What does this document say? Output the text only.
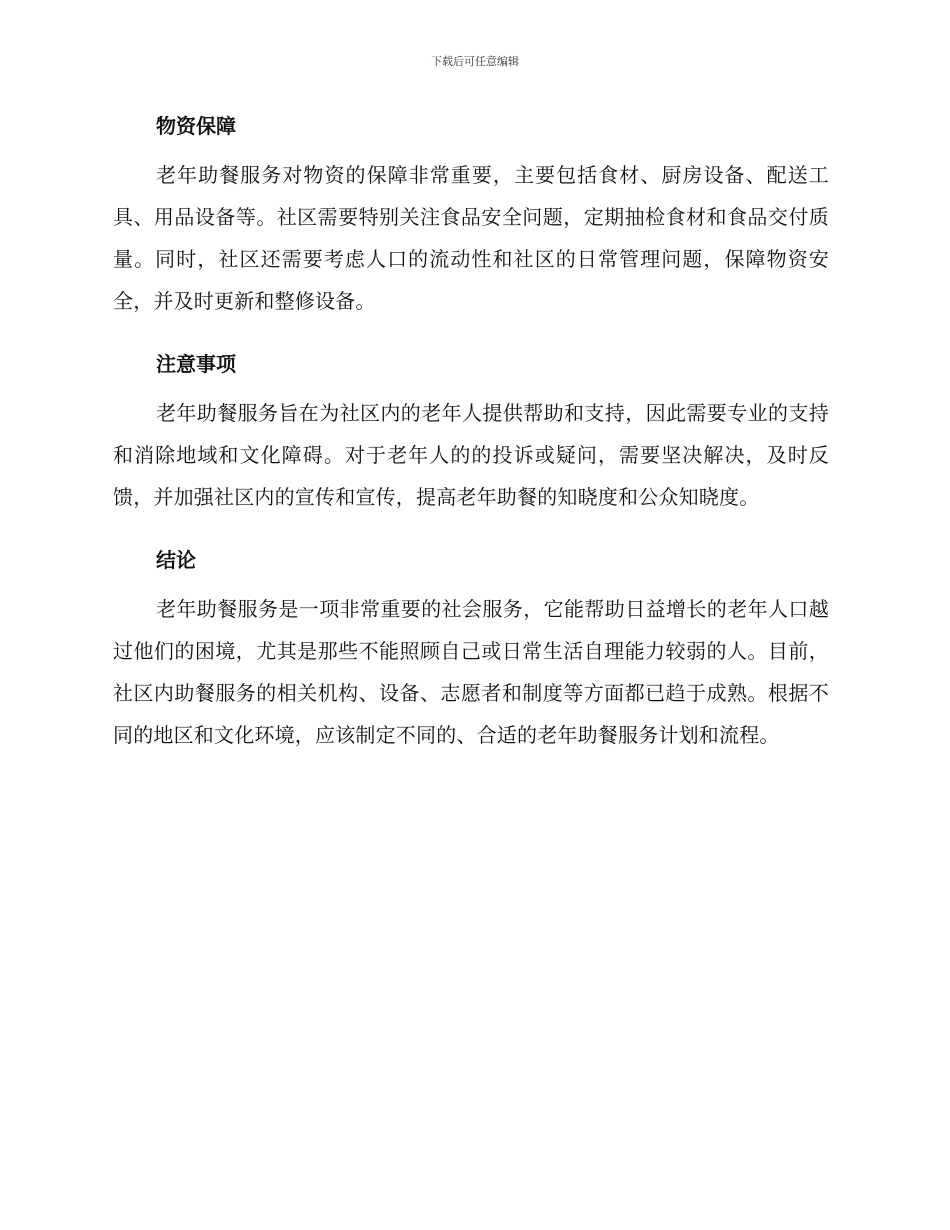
下载后可任意编辑
物资保障

老年助餐服务对物资的保障非常重要，主要包括食材、厨房设备、配送工具、用品设备等。社区需要特别关注食品安全问题，定期抽检食材和食品交付质量。同时，社区还需要考虑人口的流动性和社区的日常管理问题，保障物资安全，并及时更新和整修设备。

注意事项

老年助餐服务旨在为社区内的老年人提供帮助和支持，因此需要专业的支持和消除地域和文化障碍。对于老年人的的投诉或疑问，需要坚决解决，及时反馈，并加强社区内的宣传和宣传，提高老年助餐的知晓度和公众知晓度。

结论

老年助餐服务是一项非常重要的社会服务，它能帮助日益增长的老年人口越过他们的困境，尤其是那些不能照顾自己或日常生活自理能力较弱的人。目前，社区内助餐服务的相关机构、设备、志愿者和制度等方面都已趋于成熟。根据不同的地区和文化环境，应该制定不同的、合适的老年助餐服务计划和流程。
